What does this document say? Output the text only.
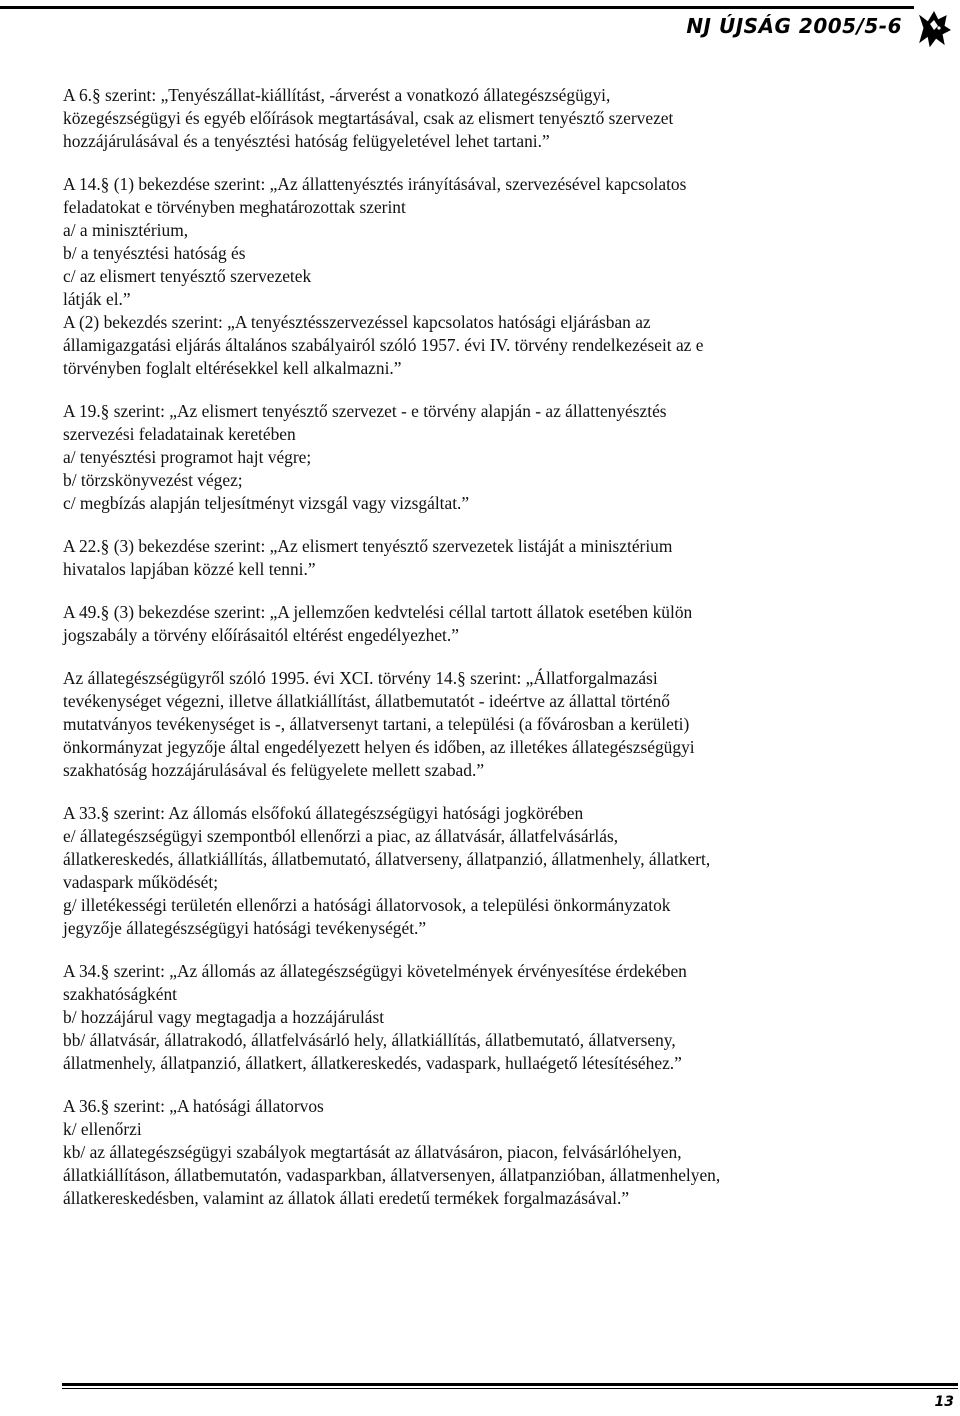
NJ ÚJSÁG 2005/5-6
A 6.§ szerint: „Tenyészállat-kiállítást, -árverést a vonatkozó állategészségügyi,
közegészségügyi és egyéb előírások megtartásával, csak az elismert tenyésztő szervezet
hozzájárulásával és a tenyésztési hatóság felügyeletével lehet tartani.”
A 14.§ (1) bekezdése szerint: „Az állattenyésztés irányításával, szervezésével kapcsolatos
feladatokat e törvényben meghatározottak szerint
a/ a minisztérium,
b/ a tenyésztési hatóság és
c/ az elismert tenyésztő szervezetek
látják el.”
A (2) bekezdés szerint: „A tenyésztésszervezéssel kapcsolatos hatósági eljárásban az
államigazgatási eljárás általános szabályairól szóló 1957. évi IV. törvény rendelkezéseit az e
törvényben foglalt eltérésekkel kell alkalmazni.”
A 19.§ szerint: „Az elismert tenyésztő szervezet - e törvény alapján - az állattenyésztés
szervezési feladatainak keretében
a/ tenyésztési programot hajt végre;
b/ törzskönyvezést végez;
c/ megbízás alapján teljesítményt vizsgál vagy vizsgáltat.”
A 22.§ (3) bekezdése szerint: „Az elismert tenyésztő szervezetek listáját a minisztérium
hivatalos lapjában közzé kell tenni.”
A 49.§ (3) bekezdése szerint: „A jellemzően kedvtelési céllal tartott állatok esetében külön
jogszabály a törvény előírásaitól eltérést engedélyezhet.”
Az állategészségügyről szóló 1995. évi XCI. törvény 14.§ szerint: „Állatforgalmazási
tevékenységet végezni, illetve állatkiállítást, állatbemutatót - ideértve az állattal történő
mutatványos tevékenységet is -, állatversenyt tartani, a települési (a fővárosban a kerületi)
önkormányzat jegyzője által engedélyezett helyen és időben, az illetékes állategészségügyi
szakhatóság hozzájárulásával és felügyelete mellett szabad.”
A 33.§ szerint: Az állomás elsőfokú állategészségügyi hatósági jogkörében
e/ állategészségügyi szempontból ellenőrzi a piac, az állatvásár, állatfelvásárlás,
állatkereskedés, állatkiállítás, állatbemutató, állatverseny, állatpanzió, állatmenhely, állatkert,
vadaspark működését;
g/ illetékességi területén ellenőrzi a hatósági állatorvosok, a települési önkormányzatok
jegyzője állategészségügyi hatósági tevékenységét.”
A 34.§ szerint: „Az állomás az állategészségügyi követelmények érvényesítése érdekében
szakhatóságként
b/ hozzájárul vagy megtagadja a hozzájárulást
bb/ állatvásár, állatrakodó, állatfelvásárló hely, állatkiállítás, állatbemutató, állatverseny,
állatmenhely, állatpanzió, állatkert, állatkereskedés, vadaspark, hullaégető létesítéséhez.”
A 36.§ szerint: „A hatósági állatorvos
k/ ellenőrzi
kb/ az állategészségügyi szabályok megtartását az állatvásáron, piacon, felvásárlóhelyen,
állatkiállításon, állatbemutatón, vadasparkban, állatversenyen, állatpanzióban, állatmenhelyen,
állatkereskedésben, valamint az állatok állati eredetű termékek forgalmazásával.”
13
